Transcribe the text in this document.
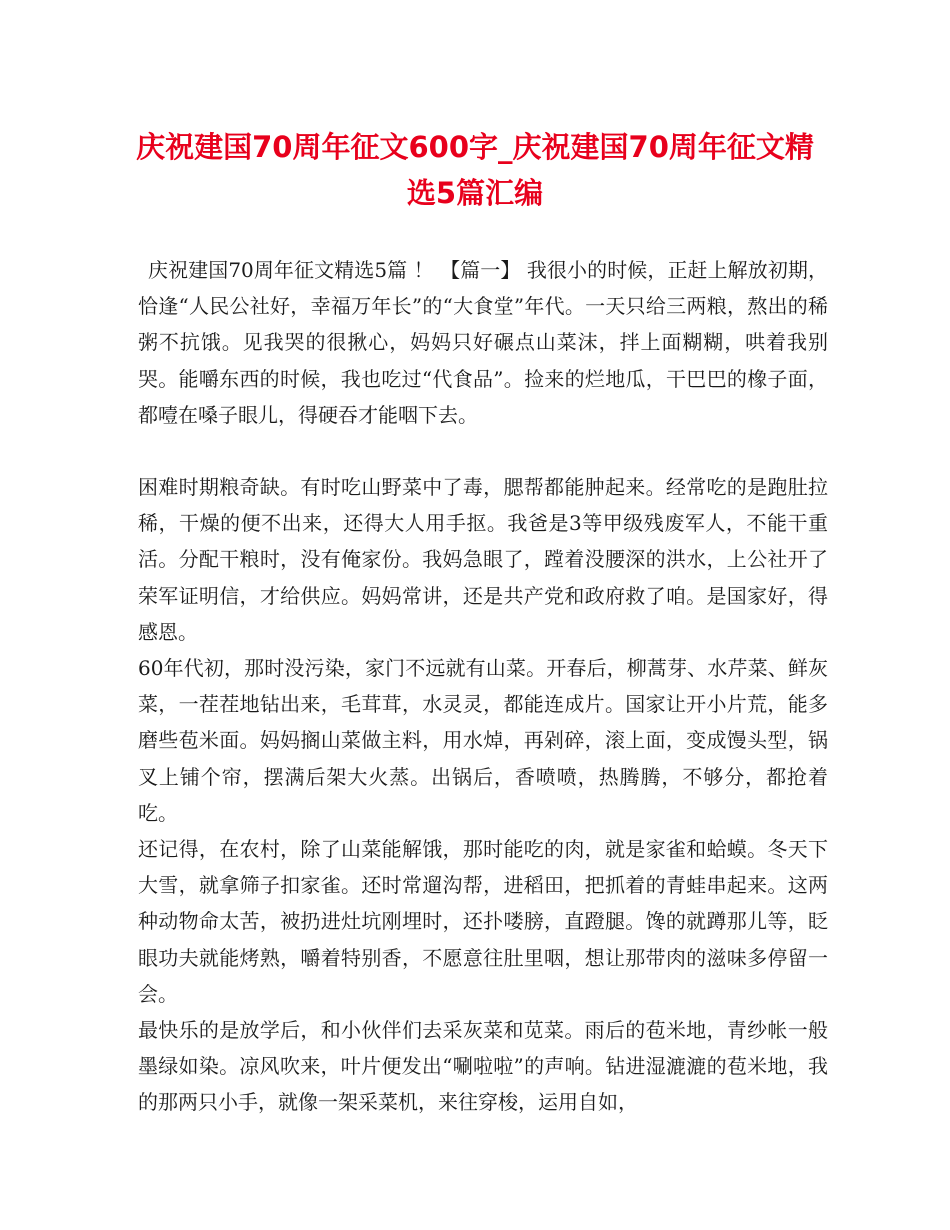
庆祝建国70周年征文600字_庆祝建国70周年征文精
选5篇汇编

庆祝建国70周年征文精选5篇 ！ 【篇一】 我很小的时候，正赶上解放初期，恰逢“人民公社好，幸福万年长”的“大食堂”年代。一天只给三两粮，熬出的稀粥不抗饿。见我哭的很揪心，妈妈只好碾点山菜沫，拌上面糊糊，哄着我别哭。能嚼东西的时候，我也吃过“代食品”。捡来的烂地瓜，干巴巴的橡子面，都噎在嗓子眼儿，得硬吞才能咽下去。

困难时期粮奇缺。有时吃山野菜中了毒，腮帮都能肿起来。经常吃的是跑肚拉稀，干燥的便不出来，还得大人用手抠。我爸是3等甲级残废军人，不能干重活。分配干粮时，没有俺家份。我妈急眼了，蹚着没腰深的洪水，上公社开了荣军证明信，才给供应。妈妈常讲，还是共产党和政府救了咱。是国家好，得感恩。

60年代初，那时没污染，家门不远就有山菜。开春后，柳蒿芽、水芹菜、鲜灰菜，一茬茬地钻出来，毛茸茸，水灵灵，都能连成片。国家让开小片荒，能多磨些苞米面。妈妈搁山菜做主料，用水焯，再剁碎，滚上面，变成馒头型，锅叉上铺个帘，摆满后架大火蒸。出锅后，香喷喷，热腾腾，不够分，都抢着吃。

还记得，在农村，除了山菜能解饿，那时能吃的肉，就是家雀和蛤蟆。冬天下大雪，就拿筛子扣家雀。还时常遛沟帮，进稻田，把抓着的青蛙串起来。这两种动物命太苦，被扔进灶坑刚埋时，还扑喽膀，直蹬腿。馋的就蹲那儿等，眨眼功夫就能烤熟，嚼着特别香，不愿意往肚里咽，想让那带肉的滋味多停留一会。

最快乐的是放学后，和小伙伴们去采灰菜和苋菜。雨后的苞米地，青纱帐一般墨绿如染。凉风吹来，叶片便发出“唰啦啦”的声响。钻进湿漉漉的苞米地，我的那两只小手，就像一架采菜机，来往穿梭，运用自如，
